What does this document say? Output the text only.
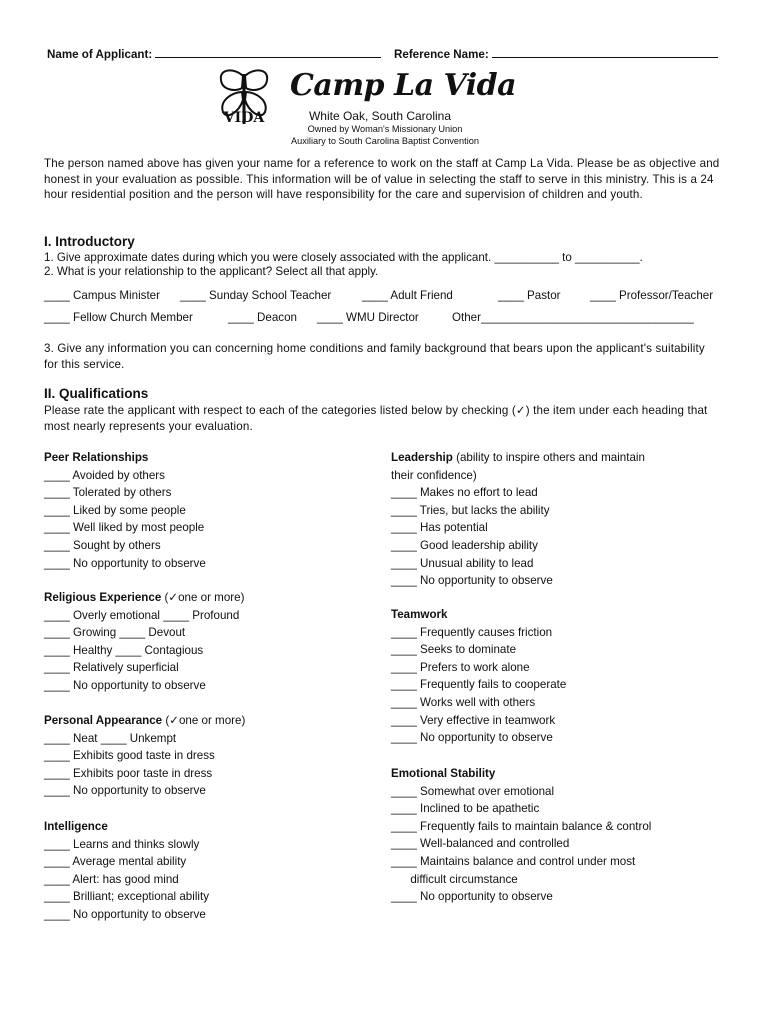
Name of Applicant:	Reference Name:
VIDA
Camp La Vida
White Oak, South Carolina
Owned by Woman's Missionary Union
Auxiliary to South Carolina Baptist Convention
The person named above has given your name for a reference to work on the staff at Camp La Vida. Please be as objective and honest in your evaluation as possible. This information will be of value in selecting the staff to serve in this ministry. This is a 24 hour residential position and the person will have responsibility for the care and supervision of children and youth.
I. Introductory
1. Give approximate dates during which you were closely associated with the applicant. __________ to __________.
2. What is your relationship to the applicant? Select all that apply.
____ Campus Minister ____ Sunday School Teacher	____ Adult Friend	____ Pastor	____ Professor/Teacher
____ Fellow Church Member	____ Deacon ____ WMU Director	Other_________________________________
3. Give any information you can concerning home conditions and family background that bears upon the applicant's suitability for this service.
II. Qualifications
Please rate the applicant with respect to each of the categories listed below by checking (✓) the item under each heading that most nearly represents your evaluation.
Peer Relationships
____ Avoided by others
____ Tolerated by others
____ Liked by some people
____ Well liked by most people
____ Sought by others
____ No opportunity to observe
Religious Experience (✓one or more)
____ Overly emotional ____ Profound
____ Growing ____ Devout
____ Healthy ____ Contagious
____ Relatively superficial
____ No opportunity to observe
Personal Appearance (✓one or more)
____ Neat ____ Unkempt
____ Exhibits good taste in dress
____ Exhibits poor taste in dress
____ No opportunity to observe
Intelligence
____ Learns and thinks slowly
____ Average mental ability
____ Alert: has good mind
____ Brilliant; exceptional ability
____ No opportunity to observe
Leadership (ability to inspire others and maintain
their confidence)
____ Makes no effort to lead
____ Tries, but lacks the ability
____ Has potential
____ Good leadership ability
____ Unusual ability to lead
____ No opportunity to observe
Teamwork
____ Frequently causes friction
____ Seeks to dominate
____ Prefers to work alone
____ Frequently fails to cooperate
____ Works well with others
____ Very effective in teamwork
____ No opportunity to observe
Emotional Stability
____ Somewhat over emotional
____ Inclined to be apathetic
____ Frequently fails to maintain balance & control
____ Well-balanced and controlled
____ Maintains balance and control under most
difficult circumstance
____ No opportunity to observe
